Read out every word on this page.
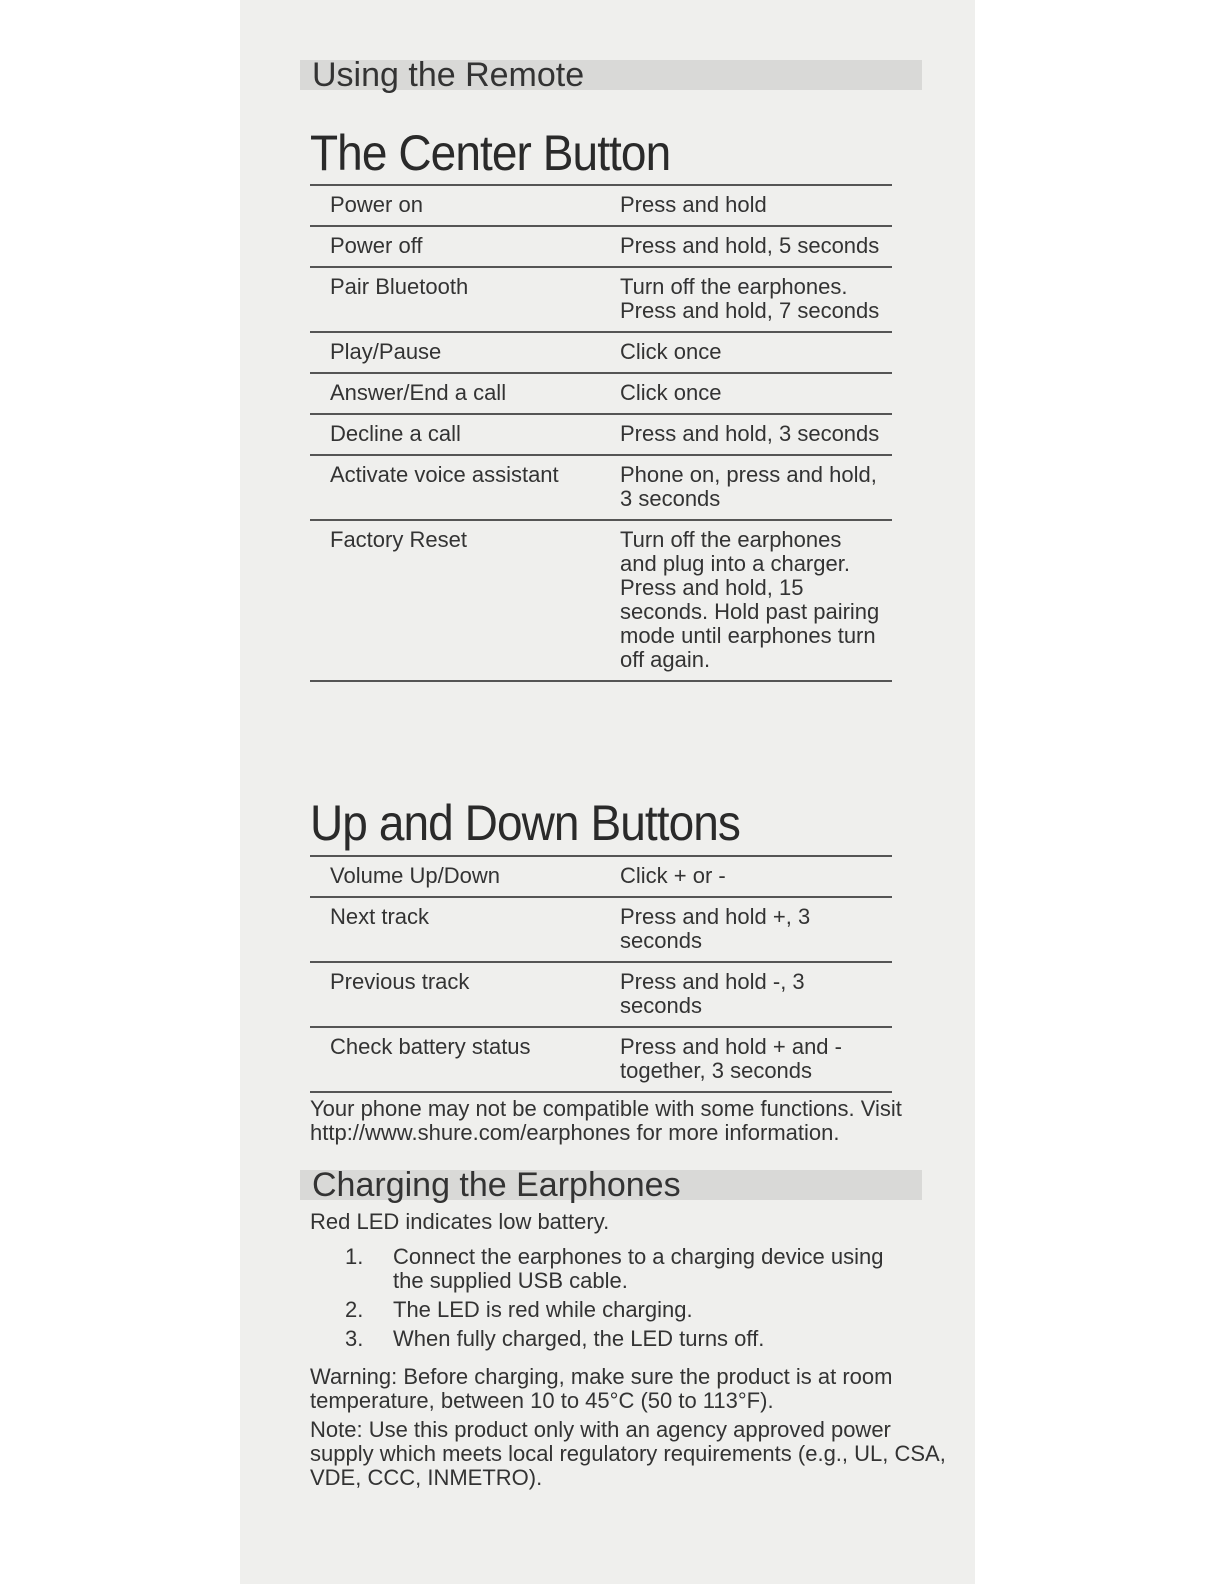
Using the Remote
The Center Button
Power on	Press and hold
Power off	Press and hold, 5 seconds
Pair Bluetooth	Turn off the earphones. Press and hold, 7 seconds
Play/Pause	Click once
Answer/End a call	Click once
Decline a call	Press and hold, 3 seconds
Activate voice assistant	Phone on, press and hold, 3 seconds
Factory Reset	Turn off the earphones and plug into a charger. Press and hold, 15 seconds. Hold past pairing mode until earphones turn off again.
Up and Down Buttons
Volume Up/Down	Click + or -
Next track	Press and hold +, 3 seconds
Previous track	Press and hold -, 3 seconds
Check battery status	Press and hold + and - together, 3 seconds
Your phone may not be compatible with some functions. Visit http://www.shure.com/earphones for more information.
Charging the Earphones
Red LED indicates low battery.
1.	Connect the earphones to a charging device using the supplied USB cable.
2.	The LED is red while charging.
3.	When fully charged, the LED turns off.
Warning: Before charging, make sure the product is at room temperature, between 10 to 45°C (50 to 113°F).
Note: Use this product only with an agency approved power supply which meets local regulatory requirements (e.g., UL, CSA, VDE, CCC, INMETRO).
